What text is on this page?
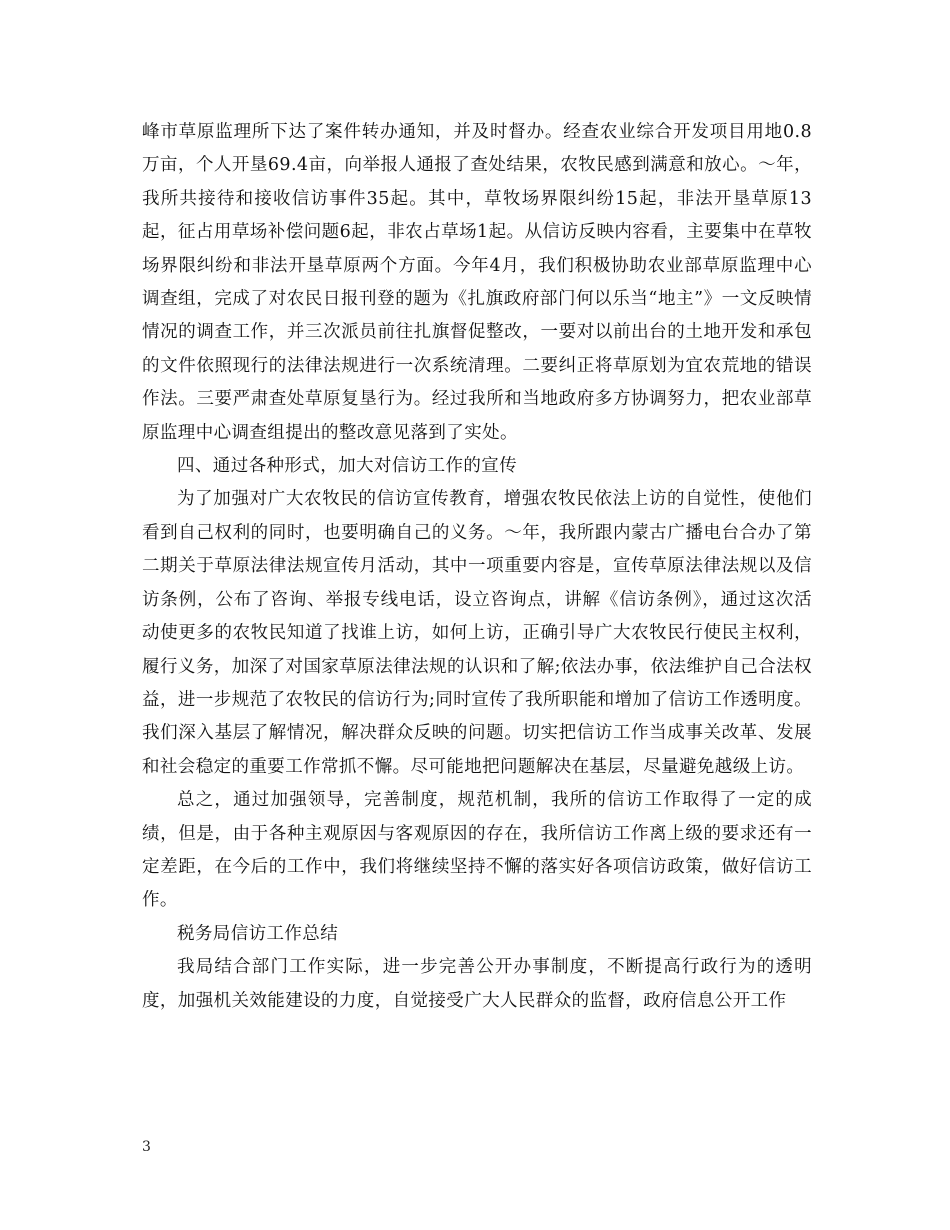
峰市草原监理所下达了案件转办通知，并及时督办。经查农业综合开发项目用地0.8万亩，个人开垦69.4亩，向举报人通报了查处结果，农牧民感到满意和放心。～年，我所共接待和接收信访事件35起。其中，草牧场界限纠纷15起，非法开垦草原13起，征占用草场补偿问题6起，非农占草场1起。从信访反映内容看，主要集中在草牧场界限纠纷和非法开垦草原两个方面。今年4月，我们积极协助农业部草原监理中心调查组，完成了对农民日报刊登的题为《扎旗政府部门何以乐当“地主”》一文反映情情况的调查工作，并三次派员前往扎旗督促整改，一要对以前出台的土地开发和承包的文件依照现行的法律法规进行一次系统清理。二要纠正将草原划为宜农荒地的错误作法。三要严肃查处草原复垦行为。经过我所和当地政府多方协调努力，把农业部草原监理中心调查组提出的整改意见落到了实处。

四、通过各种形式，加大对信访工作的宣传

为了加强对广大农牧民的信访宣传教育，增强农牧民依法上访的自觉性，使他们看到自己权利的同时，也要明确自己的义务。～年，我所跟内蒙古广播电台合办了第二期关于草原法律法规宣传月活动，其中一项重要内容是，宣传草原法律法规以及信访条例，公布了咨询、举报专线电话，设立咨询点，讲解《信访条例》，通过这次活动使更多的农牧民知道了找谁上访，如何上访，正确引导广大农牧民行使民主权利，履行义务，加深了对国家草原法律法规的认识和了解;依法办事，依法维护自己合法权益，进一步规范了农牧民的信访行为;同时宣传了我所职能和增加了信访工作透明度。我们深入基层了解情况，解决群众反映的问题。切实把信访工作当成事关改革、发展和社会稳定的重要工作常抓不懈。尽可能地把问题解决在基层，尽量避免越级上访。

总之，通过加强领导，完善制度，规范机制，我所的信访工作取得了一定的成绩，但是，由于各种主观原因与客观原因的存在，我所信访工作离上级的要求还有一定差距，在今后的工作中，我们将继续坚持不懈的落实好各项信访政策，做好信访工作。

税务局信访工作总结

我局结合部门工作实际，进一步完善公开办事制度，不断提高行政行为的透明度，加强机关效能建设的力度，自觉接受广大人民群众的监督，政府信息公开工作

3
